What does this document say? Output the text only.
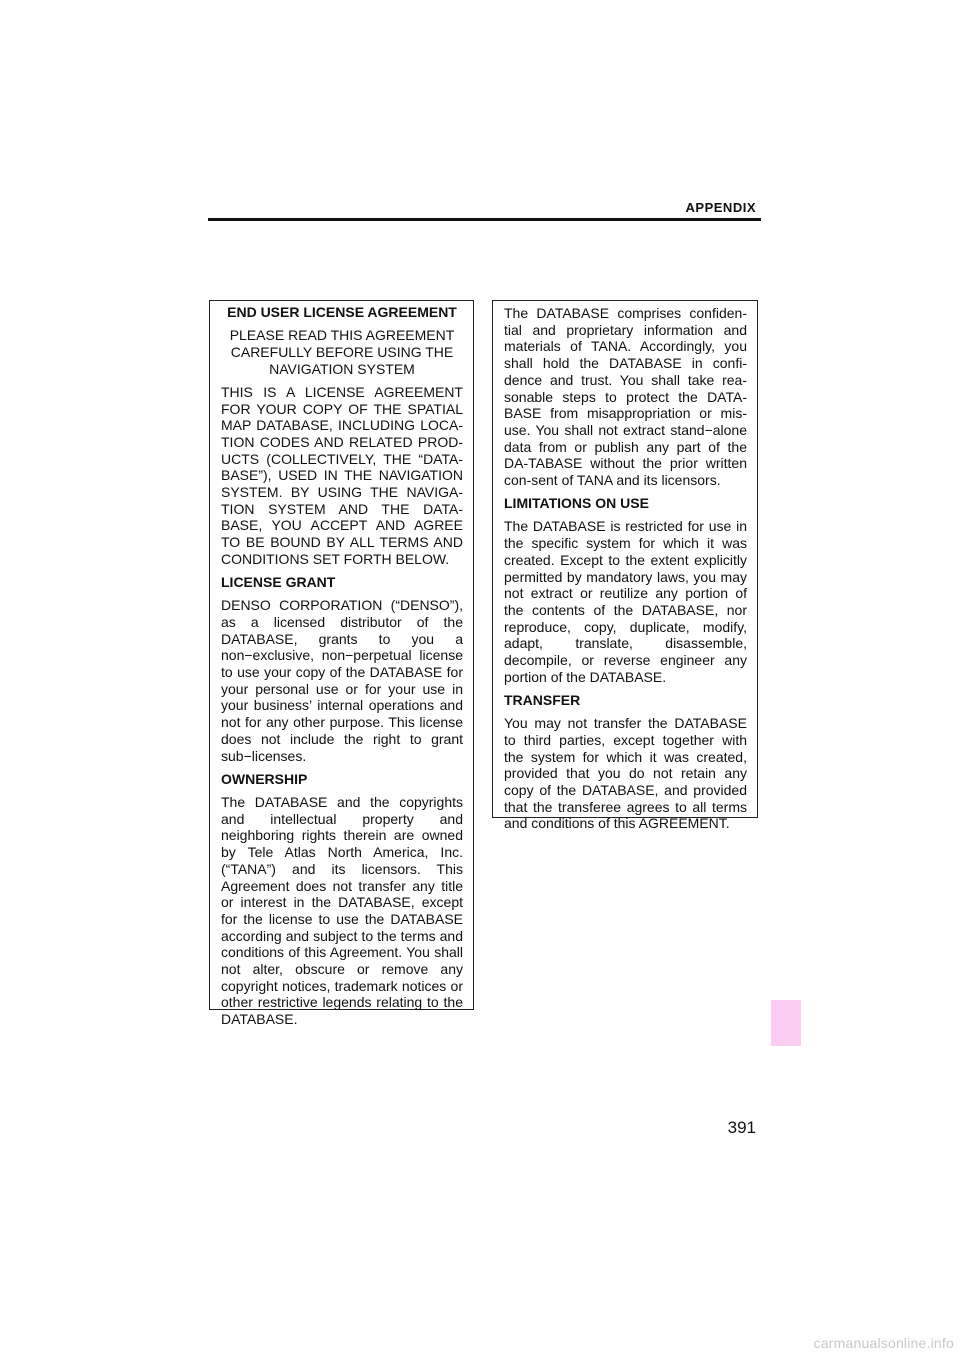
APPENDIX

END USER LICENSE AGREEMENT

PLEASE READ THIS AGREEMENT CAREFULLY BEFORE USING THE NAVIGATION SYSTEM

THIS IS A LICENSE AGREEMENT FOR YOUR COPY OF THE SPATIAL MAP DATABASE, INCLUDING LOCA-TION CODES AND RELATED PROD-UCTS (COLLECTIVELY, THE “DATA-BASE”), USED IN THE NAVIGATION SYSTEM. BY USING THE NAVIGA-TION SYSTEM AND THE DATA-BASE, YOU ACCEPT AND AGREE TO BE BOUND BY ALL TERMS AND CONDITIONS SET FORTH BELOW.

LICENSE GRANT

DENSO CORPORATION (“DENSO”), as a licensed distributor of the DATABASE, grants to you a non−exclusive, non−perpetual license to use your copy of the DATABASE for your personal use or for your use in your business’ internal operations and not for any other purpose. This license does not include the right to grant sub−licenses.

OWNERSHIP

The DATABASE and the copyrights and intellectual property and neighboring rights therein are owned by Tele Atlas North America, Inc. (“TANA”) and its licensors. This Agreement does not transfer any title or interest in the DATABASE, except for the license to use the DATABASE according and subject to the terms and conditions of this Agreement. You shall not alter, obscure or remove any copyright notices, trademark notices or other restrictive legends relating to the DATABASE.

The DATABASE comprises confiden-tial and proprietary information and materials of TANA. Accordingly, you shall hold the DATABASE in confi-dence and trust. You shall take rea-sonable steps to protect the DATA-BASE from misappropriation or mis-use. You shall not extract stand−alone data from or publish any part of the DA-TABASE without the prior written con-sent of TANA and its licensors.

LIMITATIONS ON USE

The DATABASE is restricted for use in the specific system for which it was created. Except to the extent explicitly permitted by mandatory laws, you may not extract or reutilize any portion of the contents of the DATABASE, nor reproduce, copy, duplicate, modify, adapt, translate, disassemble, decompile, or reverse engineer any portion of the DATABASE.

TRANSFER

You may not transfer the DATABASE to third parties, except together with the system for which it was created, provided that you do not retain any copy of the DATABASE, and provided that the transferee agrees to all terms and conditions of this AGREEMENT.

391
carmanualsonline.info
